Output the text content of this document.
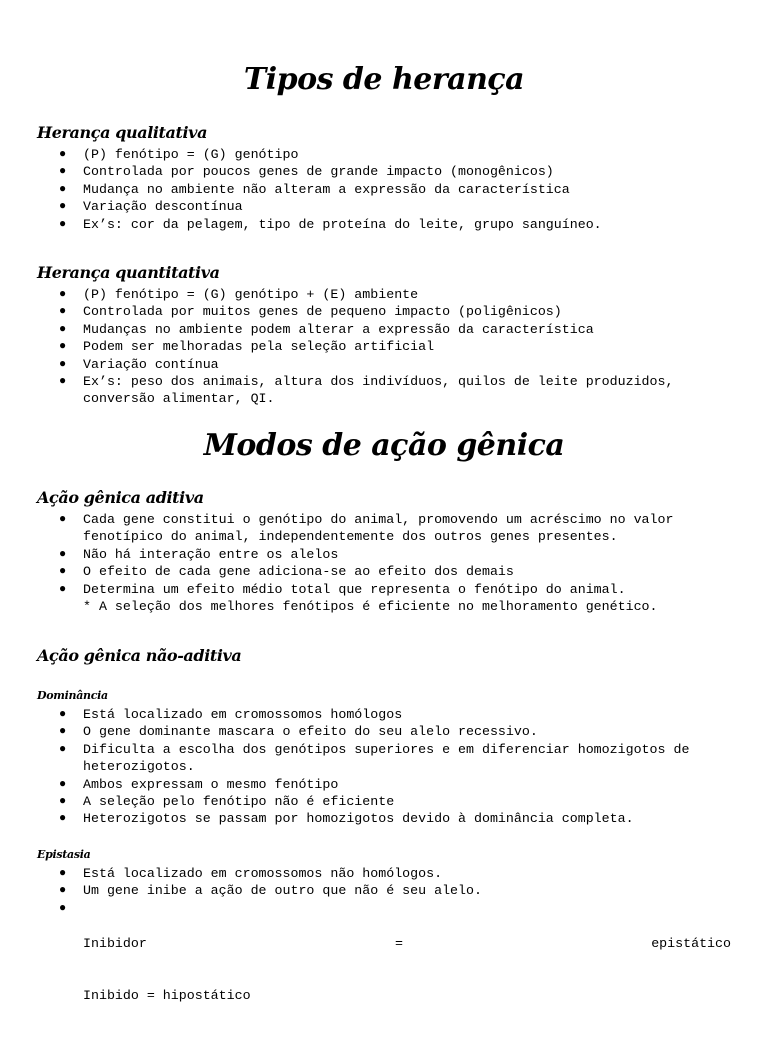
Tipos de herança
Herança qualitativa
● (P) fenótipo = (G) genótipo
● Controlada por poucos genes de grande impacto (monogênicos)
● Mudança no ambiente não alteram a expressão da característica
● Variação descontínua
● Ex’s: cor da pelagem, tipo de proteína do leite, grupo sanguíneo.
Herança quantitativa
● (P) fenótipo = (G) genótipo + (E) ambiente
● Controlada por muitos genes de pequeno impacto (poligênicos)
● Mudanças no ambiente podem alterar a expressão da característica
● Podem ser melhoradas pela seleção artificial
● Variação contínua
● Ex’s: peso dos animais, altura dos indivíduos, quilos de leite produzidos, conversão alimentar, QI.
Modos de ação gênica
Ação gênica aditiva
● Cada gene constitui o genótipo do animal, promovendo um acréscimo no valor fenotípico do animal, independentemente dos outros genes presentes.
● Não há interação entre os alelos
● O efeito de cada gene adiciona-se ao efeito dos demais
● Determina um efeito médio total que representa o fenótipo do animal.
* A seleção dos melhores fenótipos é eficiente no melhoramento genético.
Ação gênica não-aditiva
Dominância
● Está localizado em cromossomos homólogos
● O gene dominante mascara o efeito do seu alelo recessivo.
● Dificulta a escolha dos genótipos superiores e em diferenciar homozigotos de heterozigotos.
● Ambos expressam o mesmo fenótipo
● A seleção pelo fenótipo não é eficiente
● Heterozigotos se passam por homozigotos devido à dominância completa.
Epistasia
● Está localizado em cromossomos não homólogos.
● Um gene inibe a ação de outro que não é seu alelo.
●

Inibidor	=	epistático

Inibido = hipostático
